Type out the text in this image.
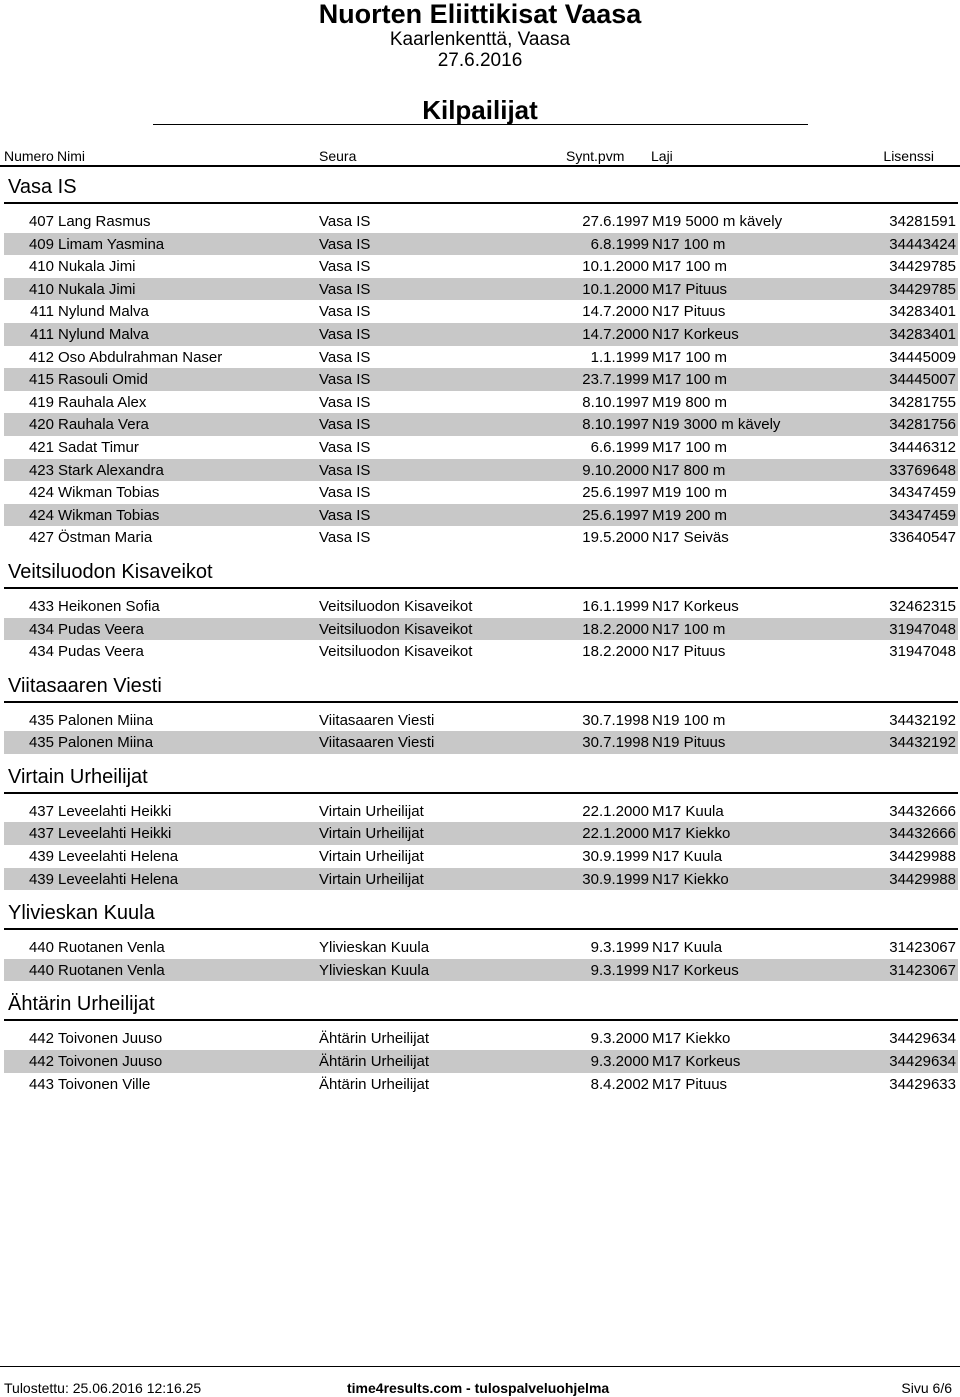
Nuorten Eliittikisat Vaasa
Kaarlenkenttä, Vaasa
27.6.2016
Kilpailijat
Numero Nimi	Seura	Synt.pvm Laji	Lisenssi
Vasa IS
407 Lang Rasmus	Vasa IS	27.6.1997 M19 5000 m kävely	34281591
409 Limam Yasmina	Vasa IS	6.8.1999 N17 100 m	34443424
410 Nukala Jimi	Vasa IS	10.1.2000 M17 100 m	34429785
410 Nukala Jimi	Vasa IS	10.1.2000 M17 Pituus	34429785
411 Nylund Malva	Vasa IS	14.7.2000 N17 Pituus	34283401
411 Nylund Malva	Vasa IS	14.7.2000 N17 Korkeus	34283401
412 Oso Abdulrahman Naser	Vasa IS	1.1.1999 M17 100 m	34445009
415 Rasouli Omid	Vasa IS	23.7.1999 M17 100 m	34445007
419 Rauhala Alex	Vasa IS	8.10.1997 M19 800 m	34281755
420 Rauhala Vera	Vasa IS	8.10.1997 N19 3000 m kävely	34281756
421 Sadat Timur	Vasa IS	6.6.1999 M17 100 m	34446312
423 Stark Alexandra	Vasa IS	9.10.2000 N17 800 m	33769648
424 Wikman Tobias	Vasa IS	25.6.1997 M19 100 m	34347459
424 Wikman Tobias	Vasa IS	25.6.1997 M19 200 m	34347459
427 Östman Maria	Vasa IS	19.5.2000 N17 Seiväs	33640547
Veitsiluodon Kisaveikot
433 Heikonen Sofia	Veitsiluodon Kisaveikot	16.1.1999 N17 Korkeus	32462315
434 Pudas Veera	Veitsiluodon Kisaveikot	18.2.2000 N17 100 m	31947048
434 Pudas Veera	Veitsiluodon Kisaveikot	18.2.2000 N17 Pituus	31947048
Viitasaaren Viesti
435 Palonen Miina	Viitasaaren Viesti	30.7.1998 N19 100 m	34432192
435 Palonen Miina	Viitasaaren Viesti	30.7.1998 N19 Pituus	34432192
Virtain Urheilijat
437 Leveelahti Heikki	Virtain Urheilijat	22.1.2000 M17 Kuula	34432666
437 Leveelahti Heikki	Virtain Urheilijat	22.1.2000 M17 Kiekko	34432666
439 Leveelahti Helena	Virtain Urheilijat	30.9.1999 N17 Kuula	34429988
439 Leveelahti Helena	Virtain Urheilijat	30.9.1999 N17 Kiekko	34429988
Ylivieskan Kuula
440 Ruotanen Venla	Ylivieskan Kuula	9.3.1999 N17 Kuula	31423067
440 Ruotanen Venla	Ylivieskan Kuula	9.3.1999 N17 Korkeus	31423067
Ähtärin Urheilijat
442 Toivonen Juuso	Ähtärin Urheilijat	9.3.2000 M17 Kiekko	34429634
442 Toivonen Juuso	Ähtärin Urheilijat	9.3.2000 M17 Korkeus	34429634
443 Toivonen Ville	Ähtärin Urheilijat	8.4.2002 M17 Pituus	34429633
Tulostettu: 25.06.2016 12:16.25	time4results.com - tulospalveluohjelma	Sivu 6/6
